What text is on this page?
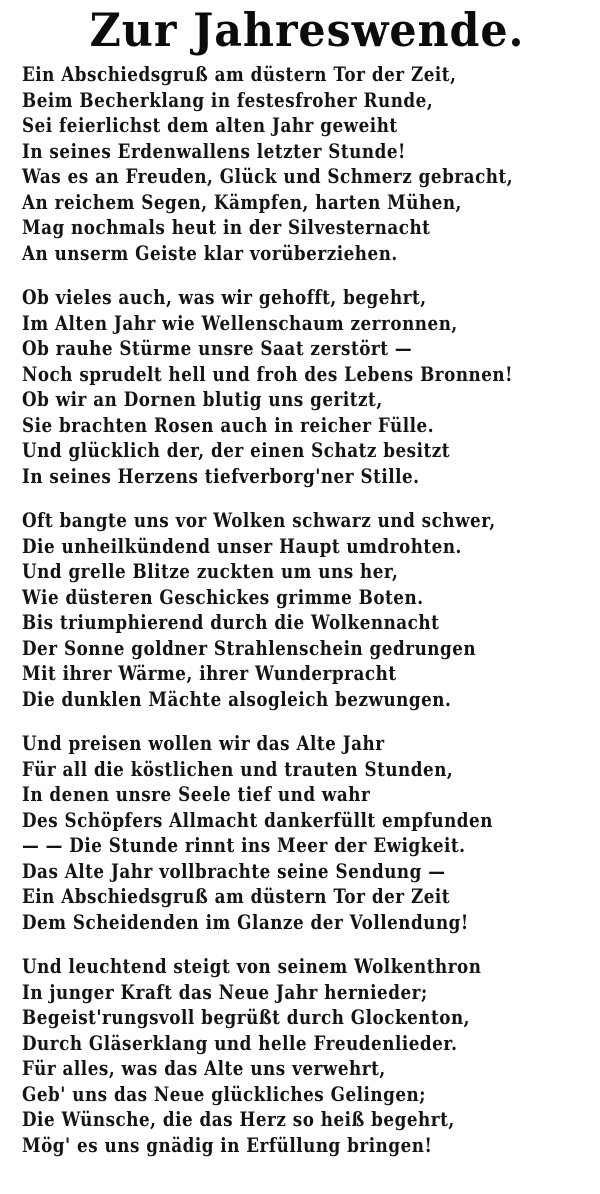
Zur Jahreswende.
Ein Abschiedsgruß am düstern Tor der Zeit,
Beim Becherklang in festesfroher Runde,
Sei feierlichst dem alten Jahr geweiht
In seines Erdenwallens letzter Stunde!
Was es an Freuden, Glück und Schmerz gebracht,
An reichem Segen, Kämpfen, harten Mühen,
Mag nochmals heut in der Silvesternacht
An unserm Geiste klar vorüberziehen.
Ob vieles auch, was wir gehofft, begehrt,
Im Alten Jahr wie Wellenschaum zerronnen,
Ob rauhe Stürme unsre Saat zerstört —
Noch sprudelt hell und froh des Lebens Bronnen!
Ob wir an Dornen blutig uns geritzt,
Sie brachten Rosen auch in reicher Fülle.
Und glücklich der, der einen Schatz besitzt
In seines Herzens tiefverborg'ner Stille.
Oft bangte uns vor Wolken schwarz und schwer,
Die unheilkündend unser Haupt umdrohten.
Und grelle Blitze zuckten um uns her,
Wie düsteren Geschickes grimme Boten.
Bis triumphierend durch die Wolkennacht
Der Sonne goldner Strahlenschein gedrungen
Mit ihrer Wärme, ihrer Wunderpracht
Die dunklen Mächte alsogleich bezwungen.
Und preisen wollen wir das Alte Jahr
Für all die köstlichen und trauten Stunden,
In denen unsre Seele tief und wahr
Des Schöpfers Allmacht dankerfüllt empfunden
— — Die Stunde rinnt ins Meer der Ewigkeit.
Das Alte Jahr vollbrachte seine Sendung —
Ein Abschiedsgruß am düstern Tor der Zeit
Dem Scheidenden im Glanze der Vollendung!
Und leuchtend steigt von seinem Wolkenthron
In junger Kraft das Neue Jahr hernieder;
Begeist'rungsvoll begrüßt durch Glockenton,
Durch Gläserklang und helle Freudenlieder.
Für alles, was das Alte uns verwehrt,
Geb' uns das Neue glückliches Gelingen;
Die Wünsche, die das Herz so heiß begehrt,
Mög' es uns gnädig in Erfüllung bringen!
